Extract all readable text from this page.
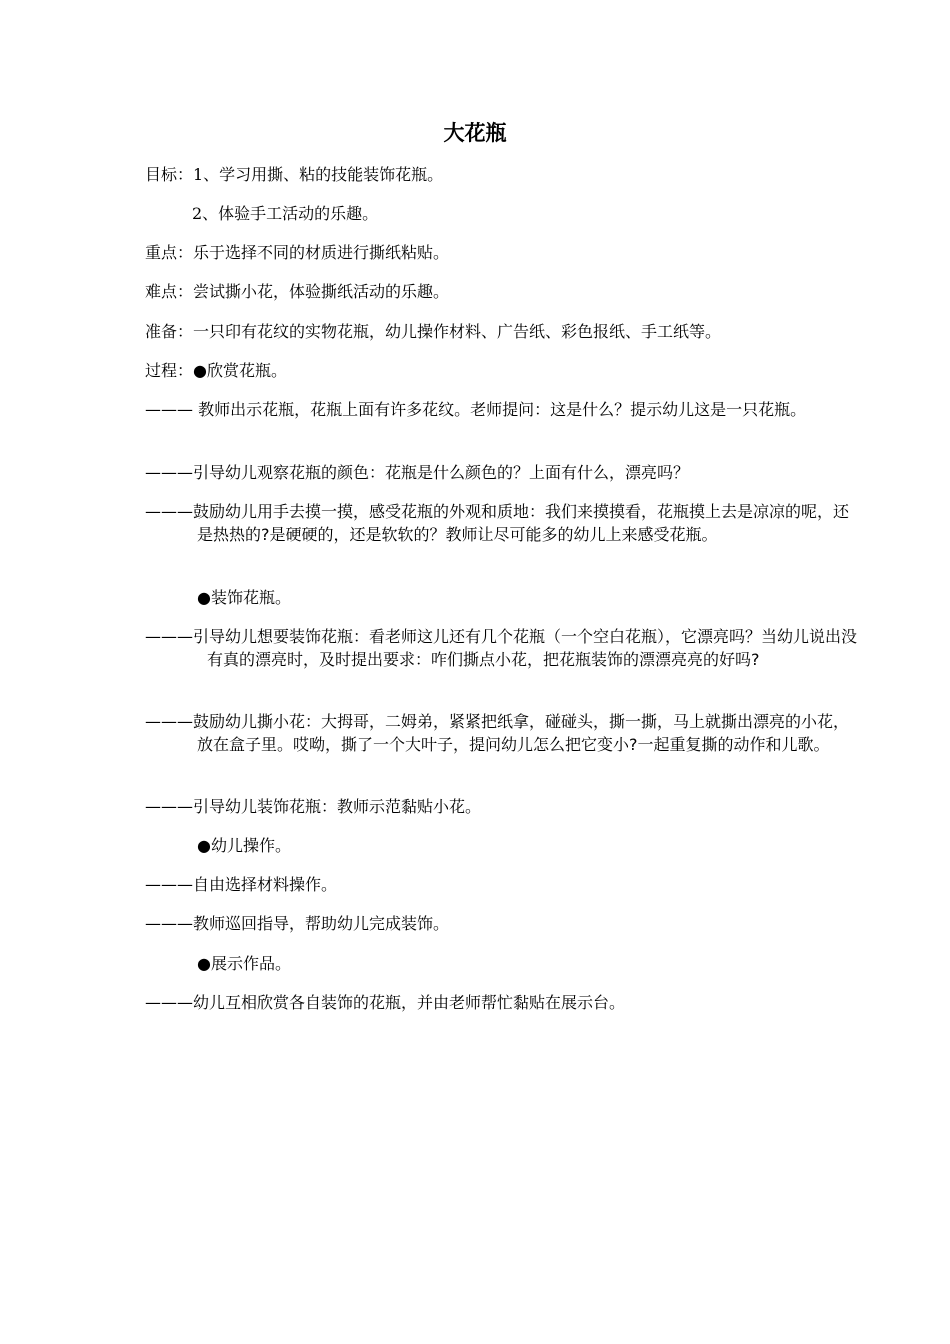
大花瓶
目标：1、学习用撕、粘的技能装饰花瓶。
2、体验手工活动的乐趣。
重点：乐于选择不同的材质进行撕纸粘贴。
难点：尝试撕小花，体验撕纸活动的乐趣。
准备：一只印有花纹的实物花瓶，幼儿操作材料、广告纸、彩色报纸、手工纸等。
过程：●欣赏花瓶。
——— 教师出示花瓶，花瓶上面有许多花纹。老师提问：这是什么？提示幼儿这是一只花瓶。
———引导幼儿观察花瓶的颜色：花瓶是什么颜色的？上面有什么，漂亮吗？
———鼓励幼儿用手去摸一摸，感受花瓶的外观和质地：我们来摸摸看，花瓶摸上去是凉凉的呢，还是热热的?是硬硬的，还是软软的？教师让尽可能多的幼儿上来感受花瓶。
●装饰花瓶。
———引导幼儿想要装饰花瓶：看老师这儿还有几个花瓶（一个空白花瓶），它漂亮吗？当幼儿说出没有真的漂亮时，及时提出要求：咋们撕点小花，把花瓶装饰的漂漂亮亮的好吗?
———鼓励幼儿撕小花：大拇哥，二姆弟，紧紧把纸拿，碰碰头，撕一撕，马上就撕出漂亮的小花，放在盒子里。哎呦，撕了一个大叶子，提问幼儿怎么把它变小?一起重复撕的动作和儿歌。
———引导幼儿装饰花瓶：教师示范黏贴小花。
●幼儿操作。
———自由选择材料操作。
———教师巡回指导，帮助幼儿完成装饰。
●展示作品。
———幼儿互相欣赏各自装饰的花瓶，并由老师帮忙黏贴在展示台。
